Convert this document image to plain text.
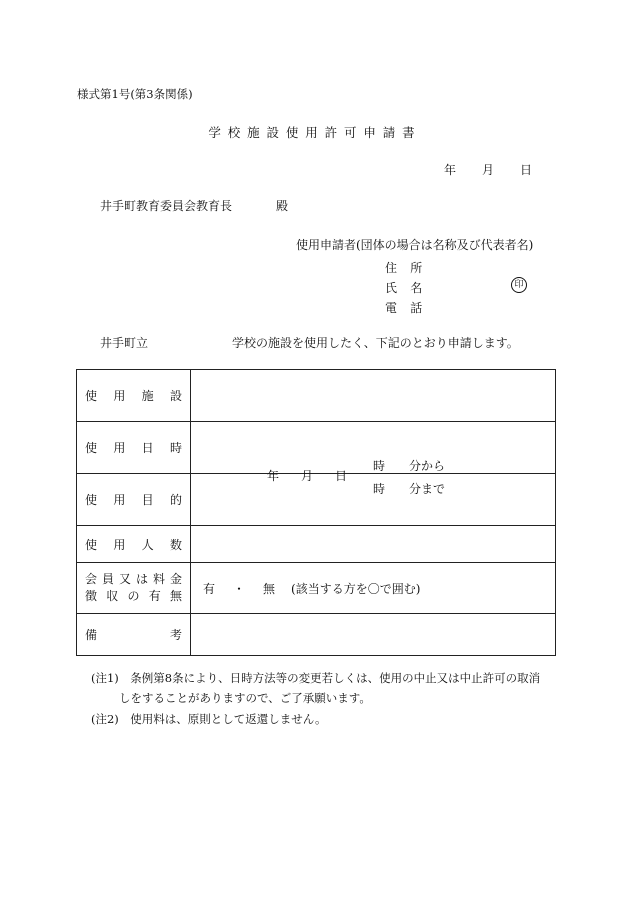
様式第1号(第3条関係)
学校施設使用許可申請書
年 月 日
井手町教育委員会教育長	殿
使用申請者(団体の場合は名称及び代表者名)
住所
氏名	印
電話
井手町立	学校の施設を使用したく、下記のとおり申請します。
使用施設	
使用日時	年 月 日
時 分から
時 分まで

使用目的	
使用人数	

会員又は料金
徴収の有無	有 ・ 無 (該当する方を〇で囲む)

備考	
(注1)　条例第8条により、日時方法等の変更若しくは、使用の中止又は中止許可の取消
しをすることがありますので、ご了承願います。
(注2)　使用料は、原則として返還しません。
